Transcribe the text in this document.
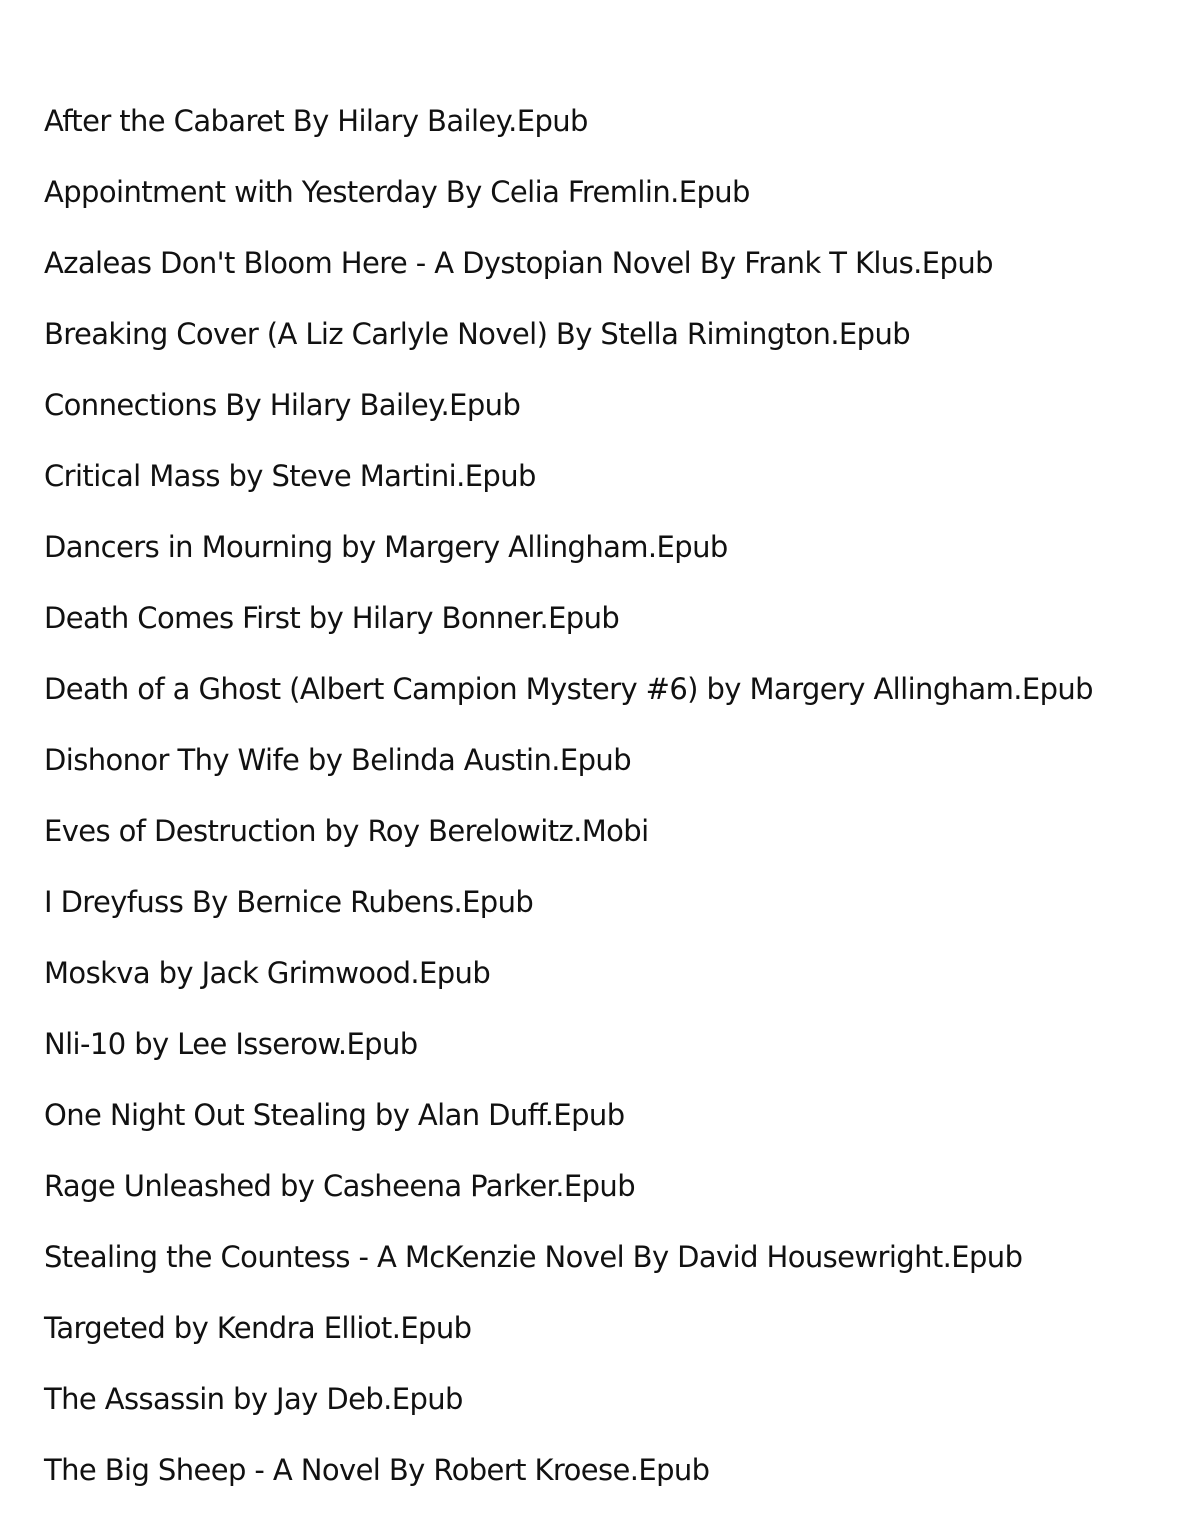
After the Cabaret By Hilary Bailey.Epub
Appointment with Yesterday By Celia Fremlin.Epub
Azaleas Don't Bloom Here - A Dystopian Novel By Frank T Klus.Epub
Breaking Cover (A Liz Carlyle Novel) By Stella Rimington.Epub
Connections By Hilary Bailey.Epub
Critical Mass by Steve Martini.Epub
Dancers in Mourning by Margery Allingham.Epub
Death Comes First by Hilary Bonner.Epub
Death of a Ghost (Albert Campion Mystery #6) by Margery Allingham.Epub
Dishonor Thy Wife by Belinda Austin.Epub
Eves of Destruction by Roy Berelowitz.Mobi
I Dreyfuss By Bernice Rubens.Epub
Moskva by Jack Grimwood.Epub
Nli-10 by Lee Isserow.Epub
One Night Out Stealing by Alan Duff.Epub
Rage Unleashed by Casheena Parker.Epub
Stealing the Countess - A McKenzie Novel By David Housewright.Epub
Targeted by Kendra Elliot.Epub
The Assassin by Jay Deb.Epub
The Big Sheep - A Novel By Robert Kroese.Epub
